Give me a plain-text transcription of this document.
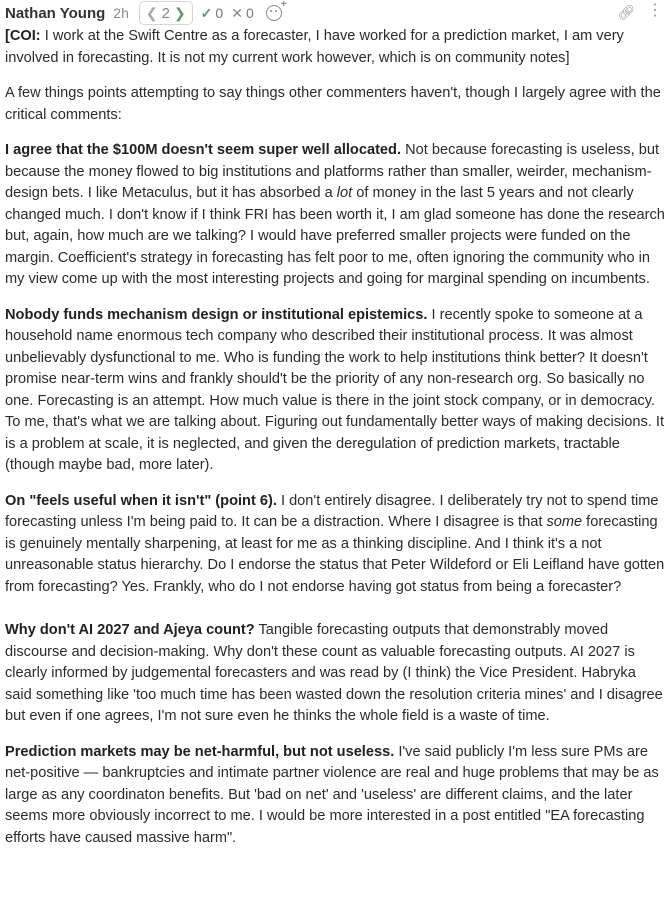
Nathan Young 2h ❮ 2 ❯ ✓ 0 ✕ 0
+	🔗︎ ⋮

[COI: I work at the Swift Centre as a forecaster, I have worked for a prediction market, I am very involved in forecasting. It is not my current work however, which is on community notes]

A few things points attempting to say things other commenters haven't, though I largely agree with the critical comments:

I agree that the $100M doesn't seem super well allocated. Not because forecasting is useless, but because the money flowed to big institutions and platforms rather than smaller, weirder, mechanism-design bets. I like Metaculus, but it has absorbed a lot of money in the last 5 years and not clearly changed much. I don't know if I think FRI has been worth it, I am glad someone has done the research but, again, how much are we talking? I would have preferred smaller projects were funded on the margin. Coefficient's strategy in forecasting has felt poor to me, often ignoring the community who in my view come up with the most interesting projects and going for marginal spending on incumbents.

Nobody funds mechanism design or institutional epistemics. I recently spoke to someone at a household name enormous tech company who described their institutional process. It was almost unbelievably dysfunctional to me. Who is funding the work to help institutions think better? It doesn't promise near-term wins and frankly should't be the priority of any non-research org. So basically no one. Forecasting is an attempt. How much value is there in the joint stock company, or in democracy. To me, that's what we are talking about. Figuring out fundamentally better ways of making decisions. It is a problem at scale, it is neglected, and given the deregulation of prediction markets, tractable (though maybe bad, more later).

On "feels useful when it isn't" (point 6). I don't entirely disagree. I deliberately try not to spend time forecasting unless I'm being paid to. It can be a distraction. Where I disagree is that some forecasting is genuinely mentally sharpening, at least for me as a thinking discipline. And I think it's a not unreasonable status hierarchy. Do I endorse the status that Peter Wildeford or Eli Leifland have gotten from forecasting? Yes. Frankly, who do I not endorse having got status from being a forecaster?

Why don't AI 2027 and Ajeya count? Tangible forecasting outputs that demonstrably moved discourse and decision-making. Why don't these count as valuable forecasting outputs. AI 2027 is clearly informed by judgemental forecasters and was read by (I think) the Vice President. Habryka said something like 'too much time has been wasted down the resolution criteria mines' and I disagree but even if one agrees, I'm not sure even he thinks the whole field is a waste of time.

Prediction markets may be net-harmful, but not useless. I've said publicly I'm less sure PMs are net-positive — bankruptcies and intimate partner violence are real and huge problems that may be as large as any coordinaton benefits. But 'bad on net' and 'useless' are different claims, and the later seems more obviously incorrect to me. I would be more interested in a post entitled "EA forecasting efforts have caused massive harm".
